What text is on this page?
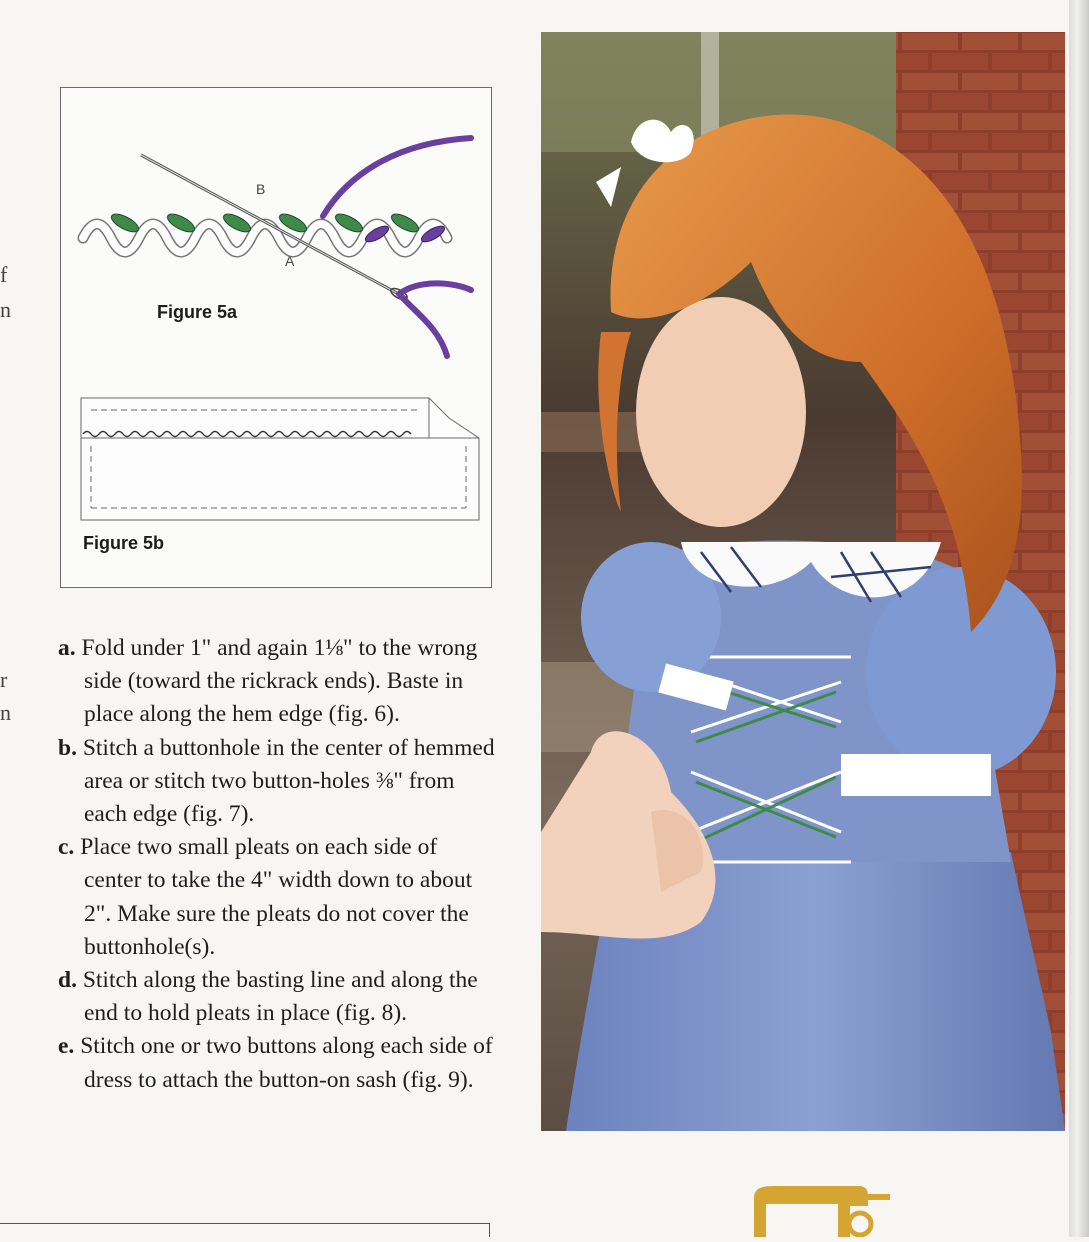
f
n
r
n
B
A

Figure 5a

Figure 5b

a. Fold under 1" and again 1⅛" to the wrong side (toward the rickrack ends). Baste in place along the hem edge (fig. 6).
b. Stitch a buttonhole in the center of hemmed area or stitch two button-holes ⅜" from each edge (fig. 7).
c. Place two small pleats on each side of center to take the 4" width down to about 2". Make sure the pleats do not cover the buttonhole(s).
d. Stitch along the basting line and along the end to hold pleats in place (fig. 8).
e. Stitch one or two buttons along each side of dress to attach the button-on sash (fig. 9).
